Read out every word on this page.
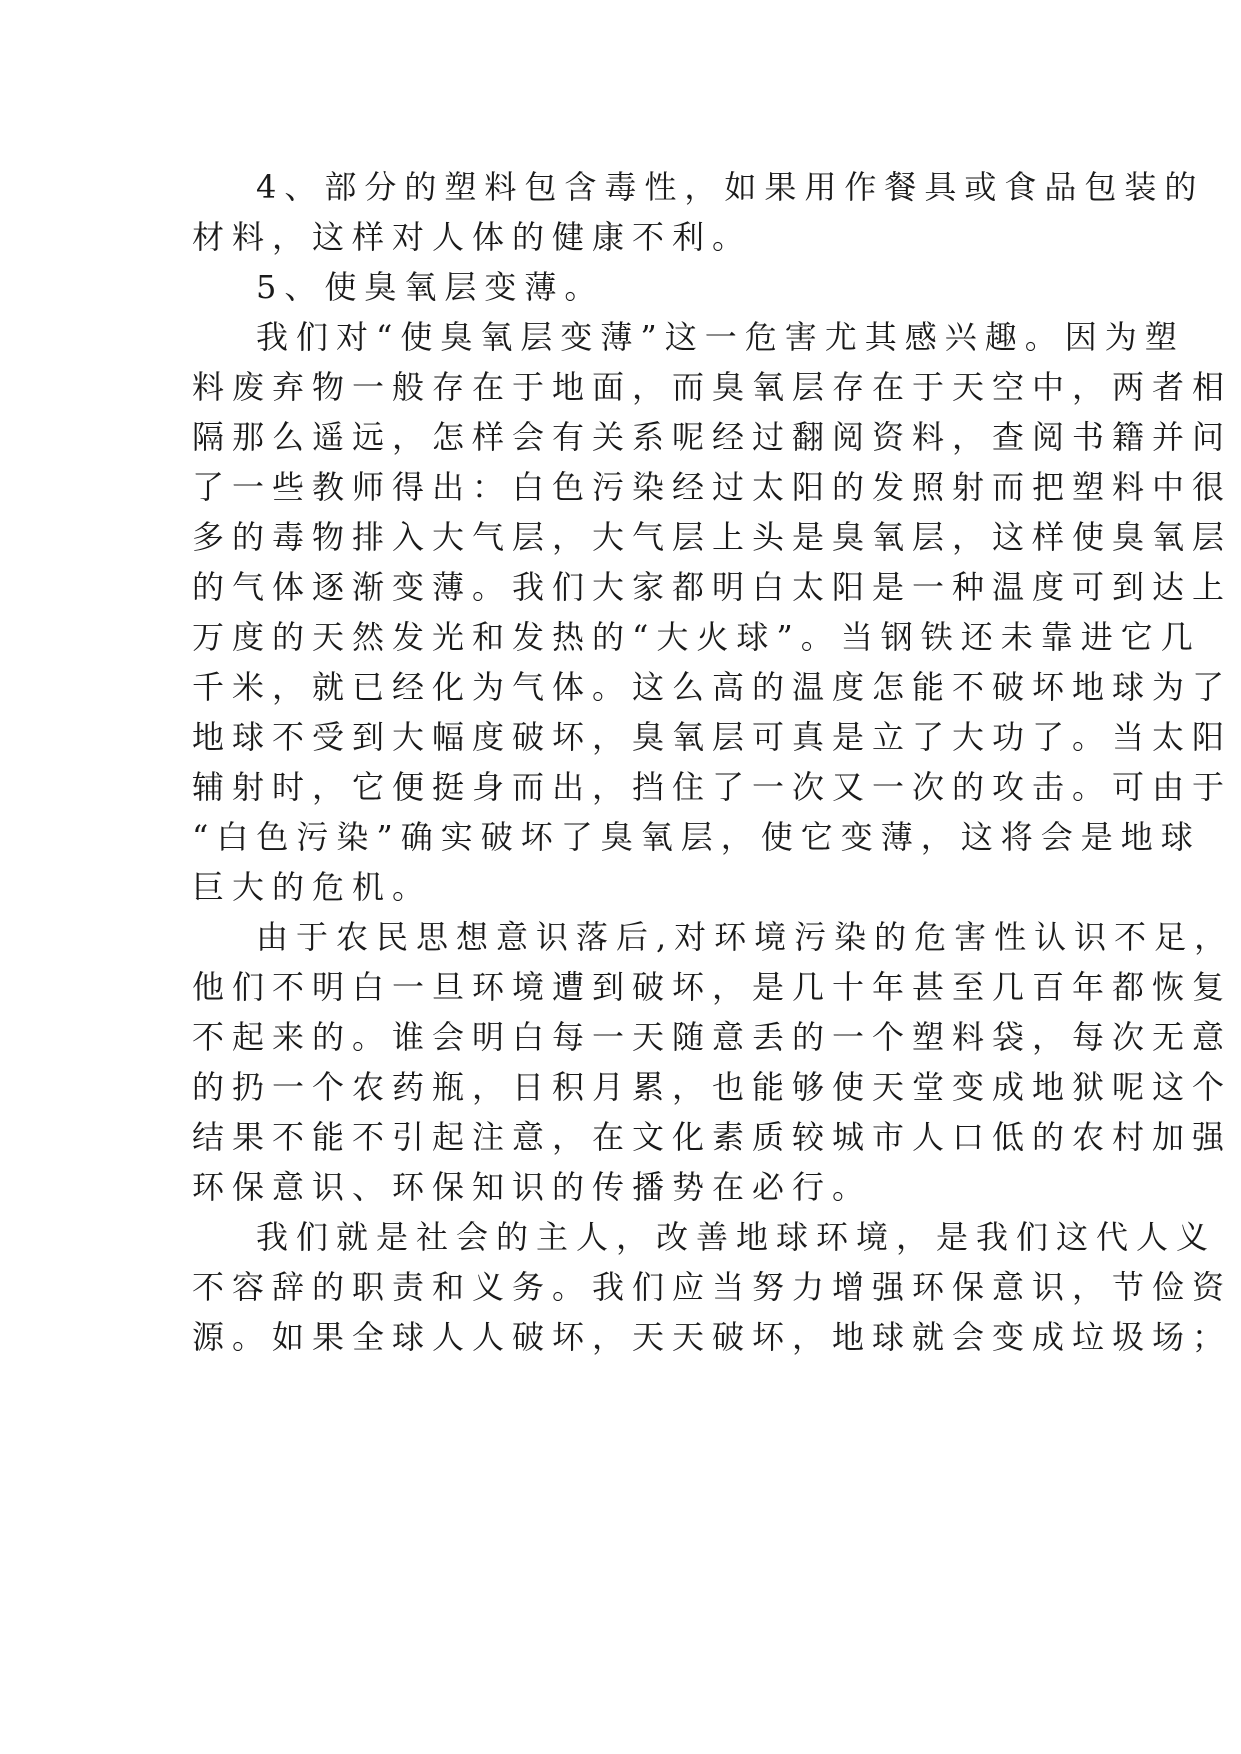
4、部分的塑料包含毒性，如果用作餐具或食品包装的
材料，这样对人体的健康不利。

5、使臭氧层变薄。

我们对“使臭氧层变薄”这一危害尤其感兴趣。因为塑
料废弃物一般存在于地面，而臭氧层存在于天空中，两者相
隔那么遥远，怎样会有关系呢经过翻阅资料，查阅书籍并问
了一些教师得出：白色污染经过太阳的发照射而把塑料中很
多的毒物排入大气层，大气层上头是臭氧层，这样使臭氧层
的气体逐渐变薄。我们大家都明白太阳是一种温度可到达上
万度的天然发光和发热的“大火球”。当钢铁还未靠进它几
千米，就已经化为气体。这么高的温度怎能不破坏地球为了
地球不受到大幅度破坏，臭氧层可真是立了大功了。当太阳
辅射时，它便挺身而出，挡住了一次又一次的攻击。可由于
“白色污染”确实破坏了臭氧层，使它变薄，这将会是地球
巨大的危机。

由于农民思想意识落后,对环境污染的危害性认识不足，
他们不明白一旦环境遭到破坏，是几十年甚至几百年都恢复
不起来的。谁会明白每一天随意丢的一个塑料袋，每次无意
的扔一个农药瓶，日积月累，也能够使天堂变成地狱呢这个
结果不能不引起注意，在文化素质较城市人口低的农村加强
环保意识、环保知识的传播势在必行。

我们就是社会的主人，改善地球环境，是我们这代人义
不容辞的职责和义务。我们应当努力增强环保意识，节俭资
源。如果全球人人破坏，天天破坏，地球就会变成垃圾场；
